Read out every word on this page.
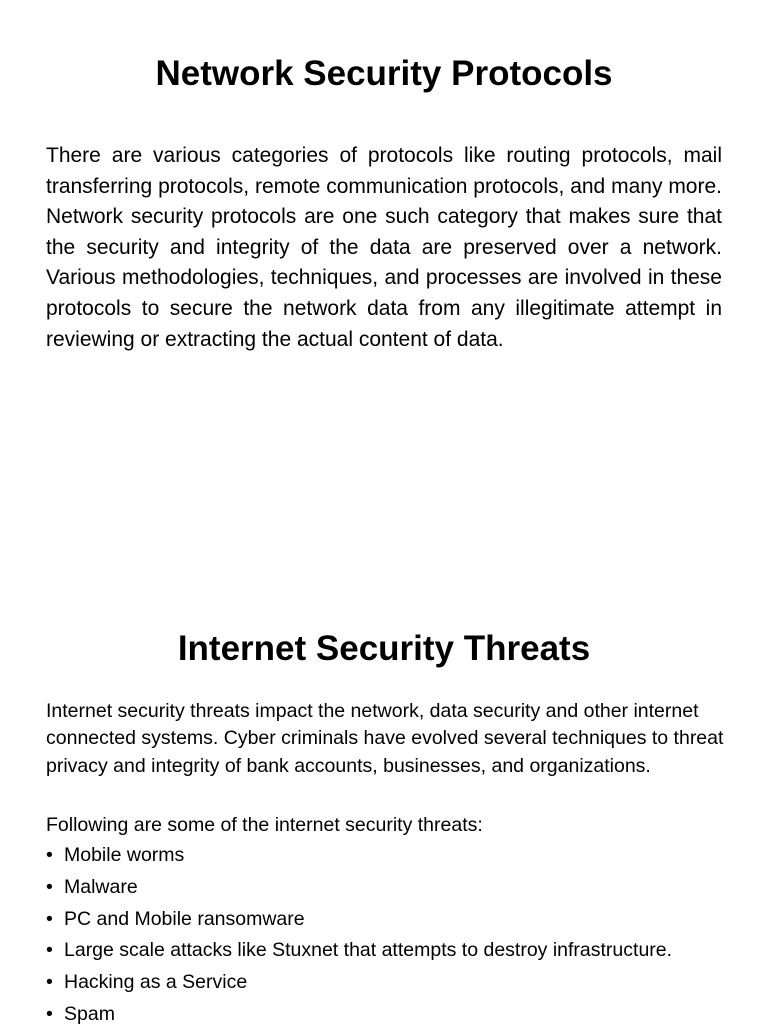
Network Security Protocols

There are various categories of protocols like routing protocols, mail transferring protocols, remote communication protocols, and many more. Network security protocols are one such category that makes sure that the security and integrity of the data are preserved over a network. Various methodologies, techniques, and processes are involved in these protocols to secure the network data from any illegitimate attempt in reviewing or extracting the actual content of data.

Internet Security Threats

Internet security threats impact the network, data security and other internet connected systems. Cyber criminals have evolved several techniques to threat privacy and integrity of bank accounts, businesses, and organizations.

Following are some of the internet security threats:

• Mobile worms
• Malware
• PC and Mobile ransomware
• Large scale attacks like Stuxnet that attempts to destroy infrastructure.
• Hacking as a Service
• Spam
